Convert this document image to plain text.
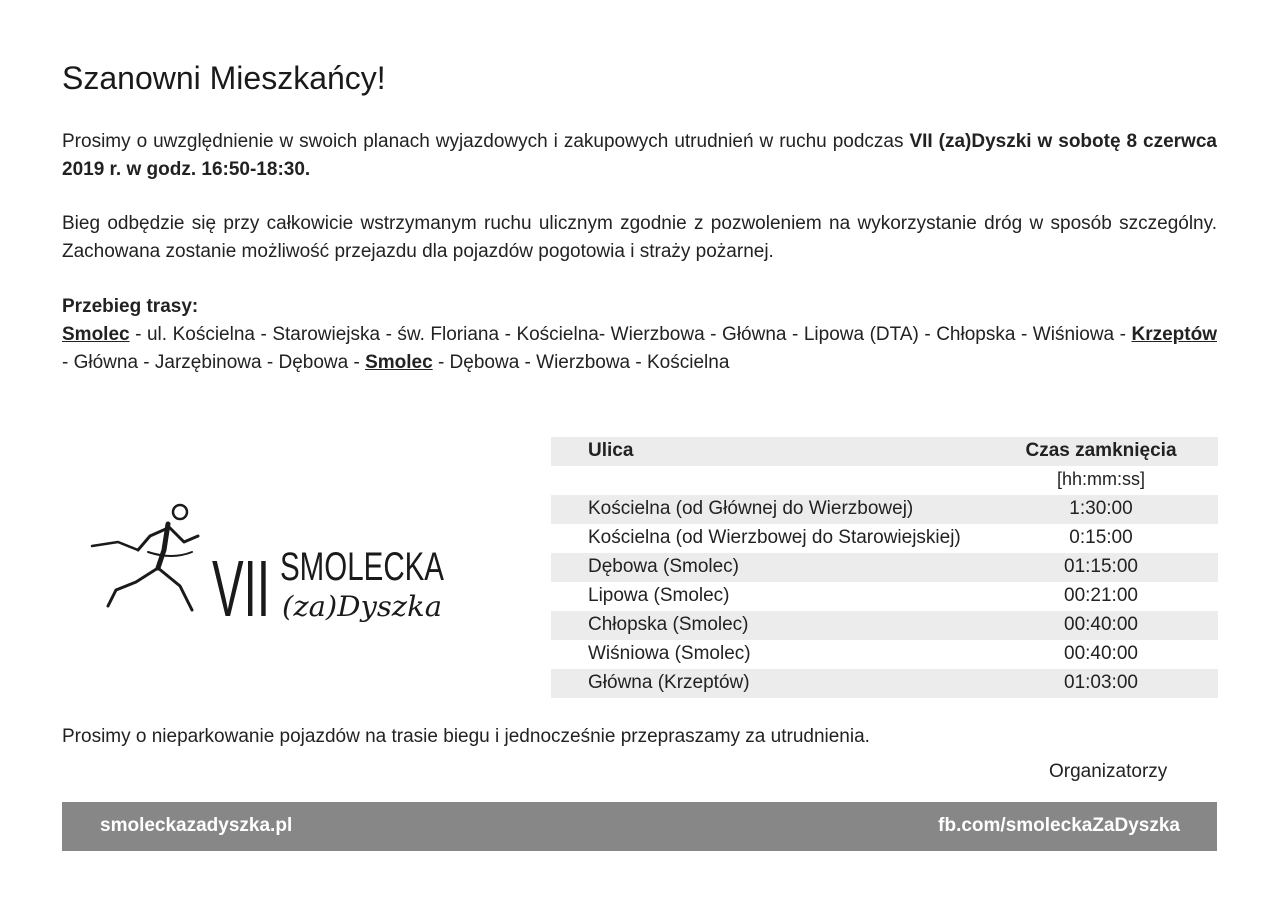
Szanowni Mieszkańcy!
Prosimy o uwzględnienie w swoich planach wyjazdowych i zakupowych utrudnień w ruchu podczas VII (za)Dyszki w sobotę 8 czerwca 2019 r. w godz. 16:50-18:30.
Bieg odbędzie się przy całkowicie wstrzymanym ruchu ulicznym zgodnie z pozwoleniem na wykorzystanie dróg w sposób szczególny. Zachowana zostanie możliwość przejazdu dla pojazdów pogotowia i straży pożarnej.
Przebieg trasy:
Smolec - ul. Kościelna - Starowiejska - św. Floriana - Kościelna- Wierzbowa - Główna - Lipowa (DTA) - Chłopska - Wiśniowa - Krzeptów - Główna - Jarzębinowa - Dębowa - Smolec - Dębowa - Wierzbowa - Kościelna
VII SMOLECKA
(za)Dyszka
Ulica	Czas zamknięcia
[hh:mm:ss]
Kościelna (od Głównej do Wierzbowej)	1:30:00
Kościelna (od Wierzbowej do Starowiejskiej)	0:15:00
Dębowa (Smolec)	01:15:00
Lipowa (Smolec)	00:21:00
Chłopska (Smolec)	00:40:00
Wiśniowa (Smolec)	00:40:00
Główna (Krzeptów)	01:03:00
Prosimy o nieparkowanie pojazdów na trasie biegu i jednocześnie przepraszamy za utrudnienia.
Organizatorzy
smoleckazadyszka.pl	fb.com/smoleckaZaDyszka
